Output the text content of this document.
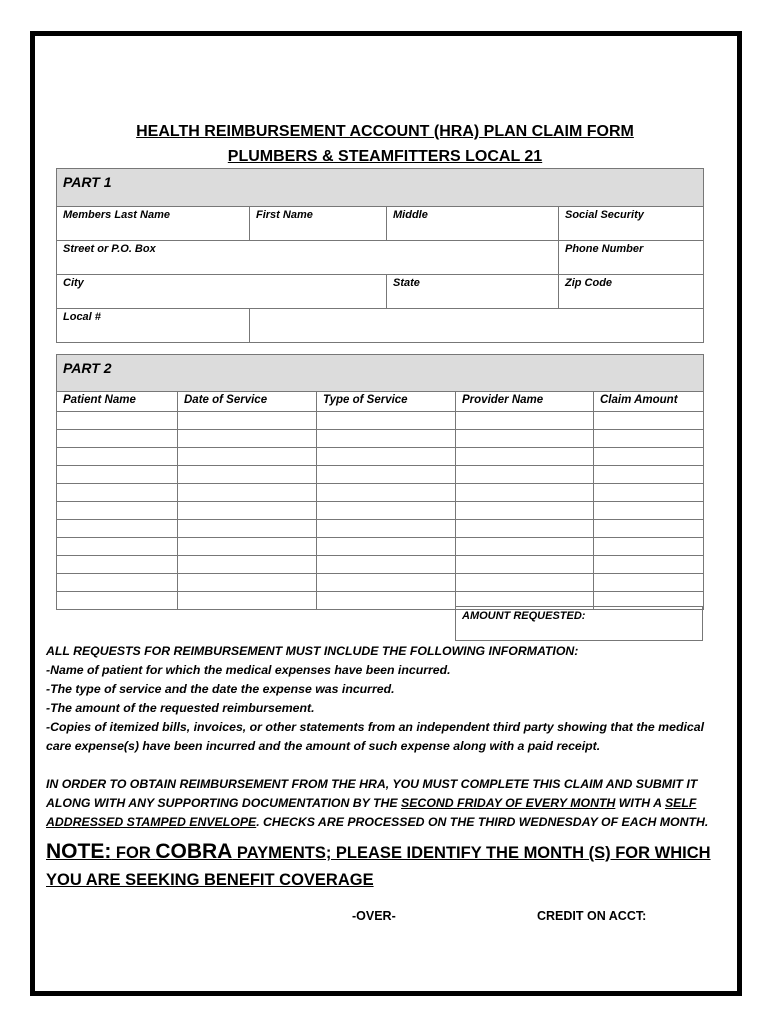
HEALTH REIMBURSEMENT ACCOUNT (HRA) PLAN CLAIM FORM
PLUMBERS & STEAMFITTERS LOCAL 21
PART 1			
Members Last Name	First Name	Middle	Social Security
Street or P.O. Box			Phone Number
City		State	Zip Code
Local #			
PART 2				
Patient Name	Date of Service	Type of Service	Provider Name	Claim Amount

AMOUNT REQUESTED:
ALL REQUESTS FOR REIMBURSEMENT MUST INCLUDE THE FOLLOWING INFORMATION:
-Name of patient for which the medical expenses have been incurred.
-The type of service and the date the expense was incurred.
-The amount of the requested reimbursement.
-Copies of itemized bills, invoices, or other statements from an independent third party showing that the medical care expense(s) have been incurred and the amount of such expense along with a paid receipt.
IN ORDER TO OBTAIN REIMBURSEMENT FROM THE HRA, YOU MUST COMPLETE THIS CLAIM AND SUBMIT IT ALONG WITH ANY SUPPORTING DOCUMENTATION BY THE SECOND FRIDAY OF EVERY MONTH WITH A SELF ADDRESSED STAMPED ENVELOPE. CHECKS ARE PROCESSED ON THE THIRD WEDNESDAY OF EACH MONTH.
NOTE: FOR COBRA PAYMENTS; PLEASE IDENTIFY THE MONTH (S) FOR WHICH YOU ARE SEEKING BENEFIT COVERAGE
-OVER-	CREDIT ON ACCT:
